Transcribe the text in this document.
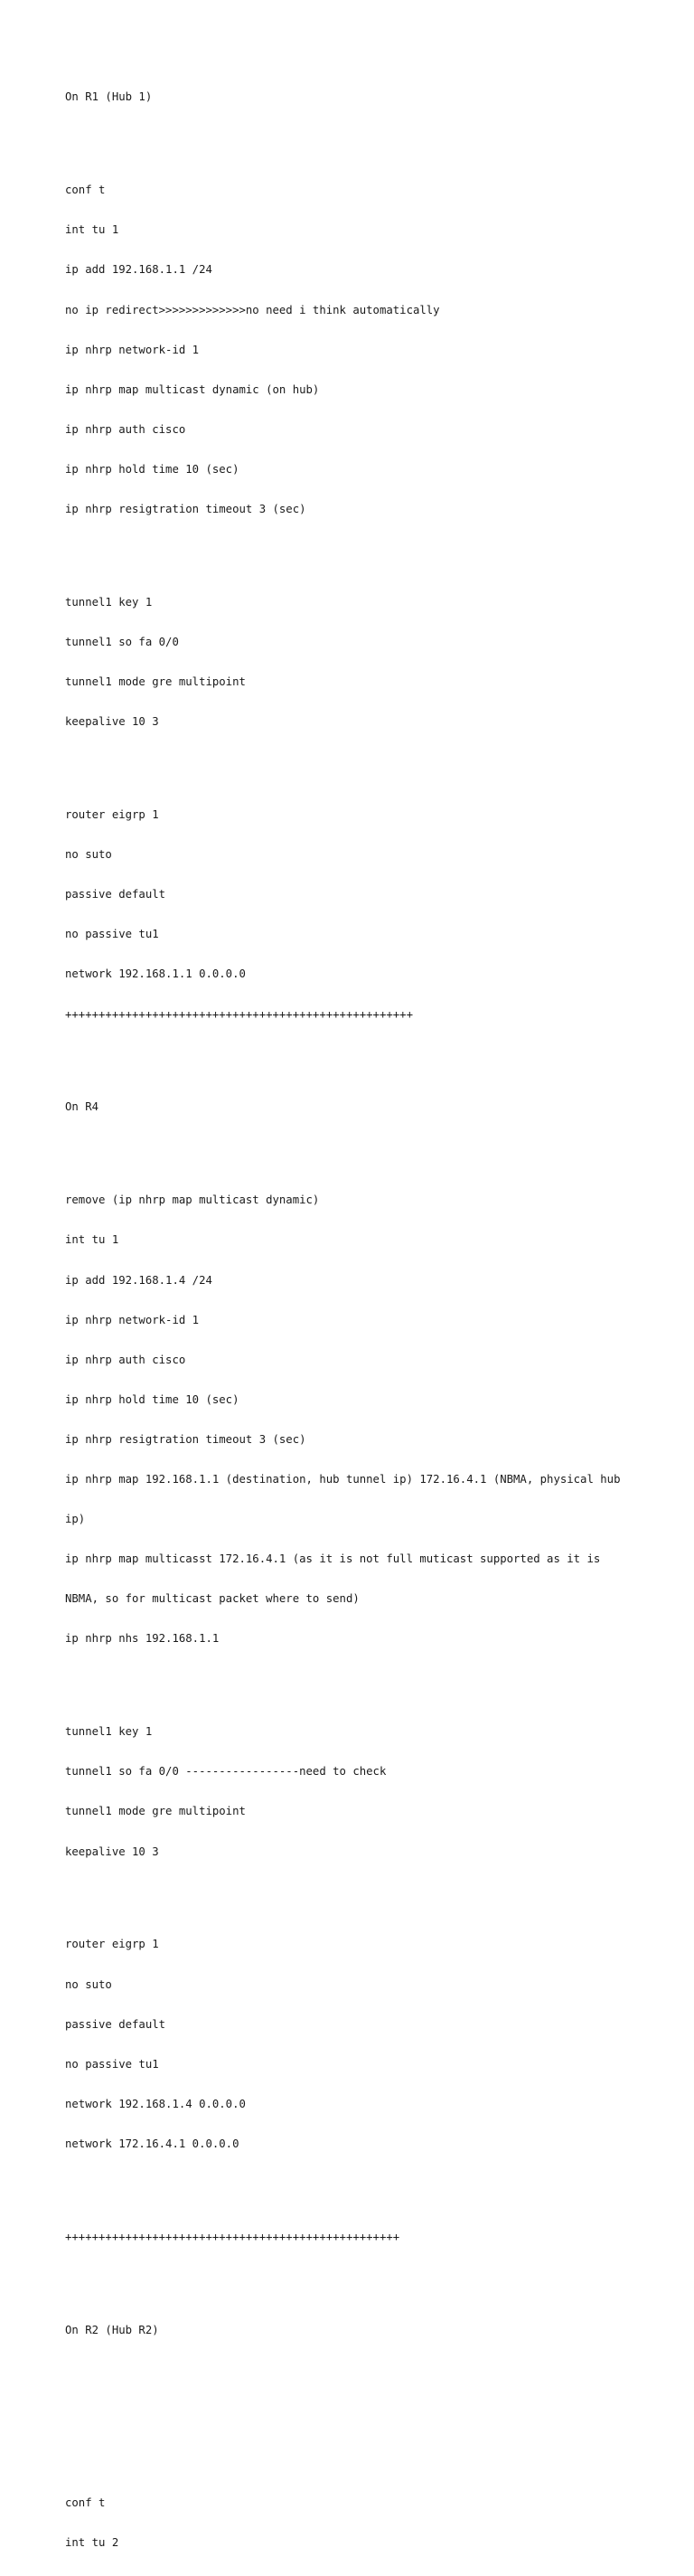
On R1 (Hub 1)

conf t

int tu 1

ip add 192.168.1.1 /24

no ip redirect>>>>>>>>>>>>>no need i think automatically

ip nhrp network-id 1

ip nhrp map multicast dynamic (on hub)

ip nhrp auth cisco

ip nhrp hold time 10 (sec)

ip nhrp resigtration timeout 3 (sec)

tunnel1 key 1

tunnel1 so fa 0/0

tunnel1 mode gre multipoint

keepalive 10 3

router eigrp 1

no suto

passive default

no passive tu1

network 192.168.1.1 0.0.0.0

++++++++++++++++++++++++++++++++++++++++++++++++++++

On R4

remove (ip nhrp map multicast dynamic)

int tu 1

ip add 192.168.1.4 /24

ip nhrp network-id 1

ip nhrp auth cisco

ip nhrp hold time 10 (sec)

ip nhrp resigtration timeout 3 (sec)

ip nhrp map 192.168.1.1 (destination, hub tunnel ip) 172.16.4.1 (NBMA, physical hub

ip)

ip nhrp map multicasst 172.16.4.1 (as it is not full muticast supported as it is

NBMA, so for multicast packet where to send)

ip nhrp nhs 192.168.1.1

tunnel1 key 1

tunnel1 so fa 0/0 -----------------need to check

tunnel1 mode gre multipoint

keepalive 10 3

router eigrp 1

no suto

passive default

no passive tu1

network 192.168.1.4 0.0.0.0

network 172.16.4.1 0.0.0.0

++++++++++++++++++++++++++++++++++++++++++++++++++

On R2 (Hub R2)

conf t

int tu 2
